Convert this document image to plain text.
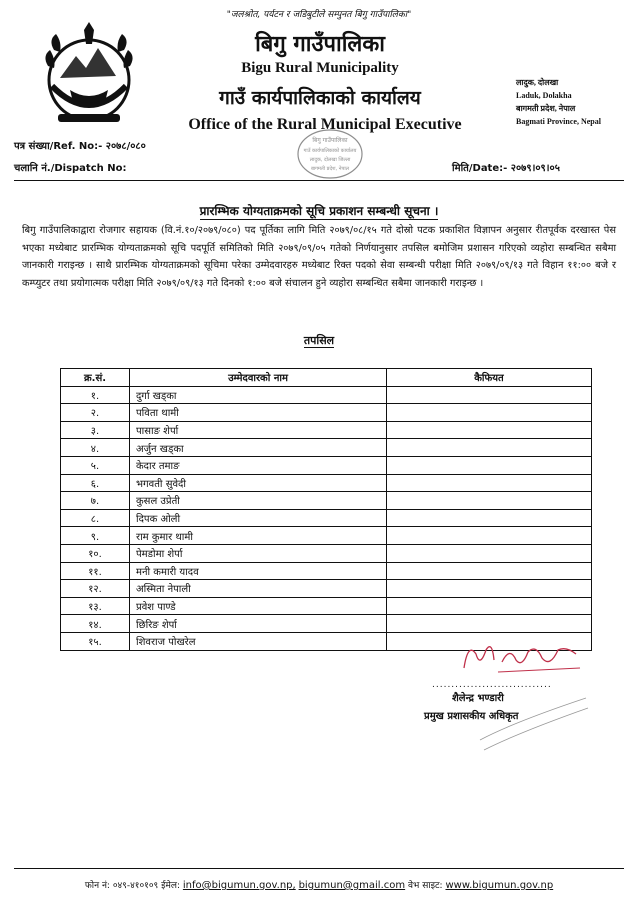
"जलश्रोत, पर्यटन र जडिबुटीले सम्पुनत बिगु गाउँपालिका"
बिगु गाउँपालिका
Bigu Rural Municipality
गाउँ कार्यपालिकाको कार्यालय
Office of the Rural Municipal Executive
लादुक, दोलखा
Laduk, Dolakha
बागमती प्रदेश, नेपाल
Bagmati Province, Nepal
पत्र संख्या/Ref. No:- २०७८/०८०
बिगु गाउँपालिका
गाउँ कार्यपालिकाको कार्यालय
लादुक, दोलखा जिल्ला
बागमती प्रदेश, नेपाल
चलानि नं./Dispatch No:	मिति/Date:- २०७९।०९।०५
प्रारम्भिक योग्यताक्रमको सूचि प्रकाशन सम्बन्धी सूचना ।
बिगु गाउँपालिकाद्वारा रोजगार सहायक (वि.नं.१०/२०७९/०८०) पद पूर्तिका लागि मिति २०७९/०८/१५ गते दोस्रो पटक प्रकाशित विज्ञापन अनुसार रीतपूर्वक दरखास्त पेस भएका मध्येबाट प्रारम्भिक योग्यताक्रमको सूचि पदपूर्ति समितिको मिति २०७९/०९/०५ गतेको निर्णयानुसार तपसिल बमोजिम प्रशासन गरिएको व्यहोरा सम्बन्धित सबैमा जानकारी गराइन्छ । साथै प्रारम्भिक योग्यताक्रमको सूचिमा परेका उम्मेदवारहरु मध्येबाट रिक्त पदको सेवा सम्बन्धी परीक्षा मिति २०७९/०९/१३ गते विहान ११:०० बजे र कम्प्युटर तथा प्रयोगात्मक परीक्षा मिति २०७९/०९/१३ गते दिनको १:०० बजे संचालन हुने व्यहोरा सम्बन्धित सबैमा जानकारी गराइन्छ ।
तपसिल
क्र.सं.	उम्मेदवारको नाम	कैफियत
१.	दुर्गा खड्का	
२.	पविता थामी	
३.	पासाङ शेर्पा	
४.	अर्जुन खड्का	
५.	केदार तमाङ	
६.	भगवती सुवेदी	
७.	कुसल उप्रेती	
८.	दिपक ओली	
९.	राम कुमार थामी	
१०.	पेमडोमा शेर्पा	
११.	मनी कमारी यादव	
१२.	अस्मिता नेपाली	
१३.	प्रवेश पाण्डे	
१४.	छिरिङ शेर्पा	
१५.	शिवराज पोखरेल	
...............................
शैलेन्द्र भण्डारी
प्रमुख प्रशासकीय अधिकृत
फोन नं: ०४९-४१०१०९ ईमेल: info@bigumun.gov.np, bigumun@gmail.com वेभ साइट: www.bigumun.gov.np
